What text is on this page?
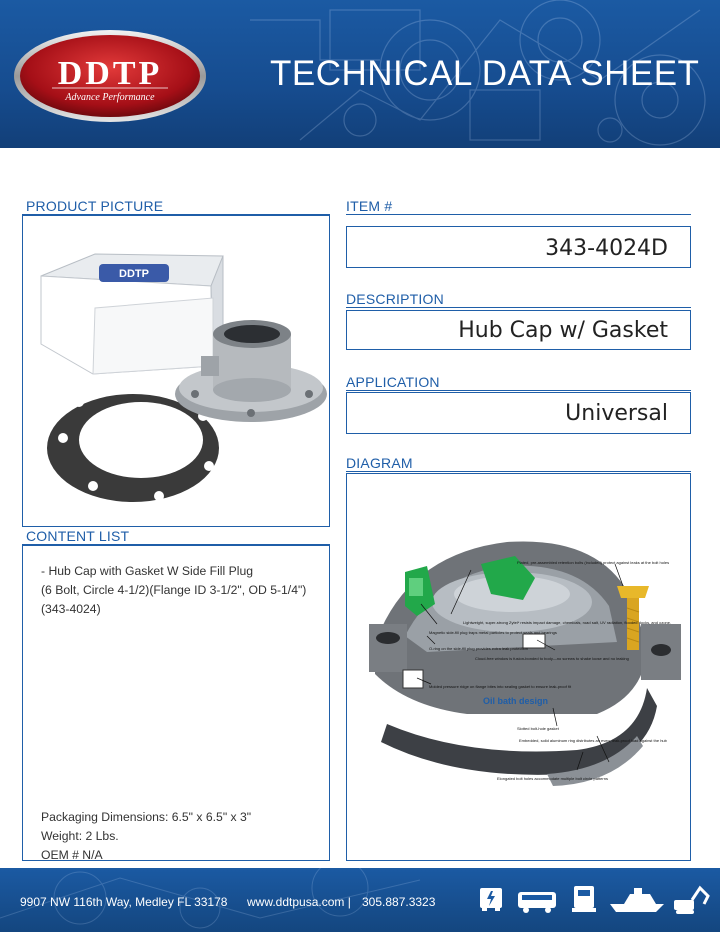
DDTP
Advance Performance
TECHNICAL DATA SHEET
PRODUCT PICTURE
DDTP
ITEM #
343-4024D
DESCRIPTION
Hub Cap w/ Gasket
APPLICATION
Universal
DIAGRAM
Magnetic side-fill plug traps metal particles to protect seals and bearings
O-ring on the side-fill plug provides extra leak protection
Lightweight, super-strong Zytel* resists impact damage, chemicals, road salt, UV radiation, flooded docks, and ozone.
Plated, pre-assembled retention bolts (included) protect against leaks at the bolt holes
Molded pressure ridge on flange bites into sealing gasket to ensure leak-proof fit
Cloud-free window is fusion-bonded to body—no screws to shake loose and no leaking
Slotted bolt-hole gasket
Embedded, solid aluminum ring distributes an even, leak-proof load against the hub
Elongated bolt holes accommodate multiple bolt circle patterns
Oil bath design
CONTENT LIST
- Hub Cap with Gasket W Side Fill Plug
(6 Bolt, Circle 4-1/2)(Flange ID 3-1/2", OD 5-1/4")
(343-4024)
Packaging Dimensions: 6.5" x 6.5" x 3"
Weight: 2 Lbs.
OEM # N/A
9907 NW 116th Way, Medley FL 33178 www.ddtpusa.com | 305.887.3323
